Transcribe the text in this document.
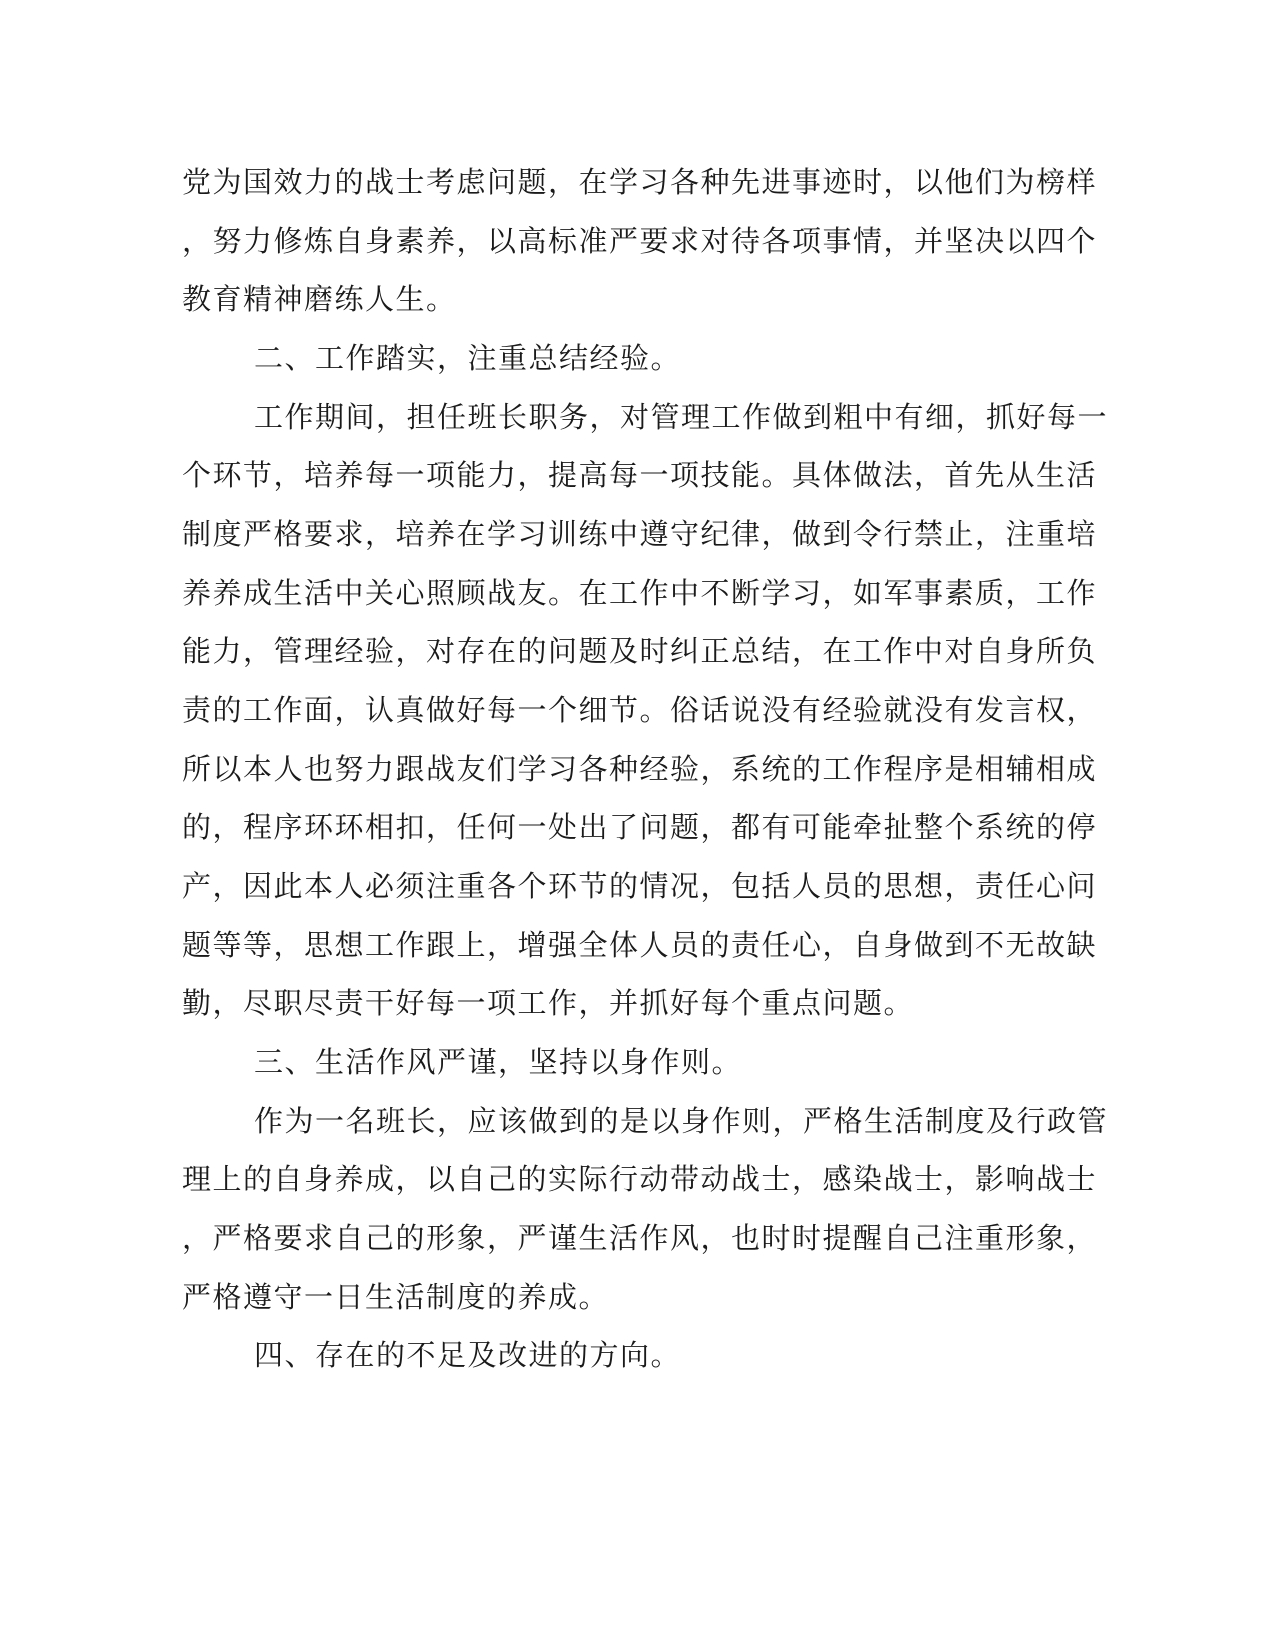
党为国效力的战士考虑问题，在学习各种先进事迹时，以他们为榜样

，努力修炼自身素养，以高标准严要求对待各项事情，并坚决以四个

教育精神磨练人生。

二、工作踏实，注重总结经验。

工作期间，担任班长职务，对管理工作做到粗中有细，抓好每一

个环节，培养每一项能力，提高每一项技能。具体做法，首先从生活

制度严格要求，培养在学习训练中遵守纪律，做到令行禁止，注重培

养养成生活中关心照顾战友。在工作中不断学习，如军事素质，工作

能力，管理经验，对存在的问题及时纠正总结，在工作中对自身所负

责的工作面，认真做好每一个细节。俗话说没有经验就没有发言权，

所以本人也努力跟战友们学习各种经验，系统的工作程序是相辅相成

的，程序环环相扣，任何一处出了问题，都有可能牵扯整个系统的停

产，因此本人必须注重各个环节的情况，包括人员的思想，责任心问

题等等，思想工作跟上，增强全体人员的责任心，自身做到不无故缺

勤，尽职尽责干好每一项工作，并抓好每个重点问题。

三、生活作风严谨，坚持以身作则。

作为一名班长，应该做到的是以身作则，严格生活制度及行政管

理上的自身养成，以自己的实际行动带动战士，感染战士，影响战士

，严格要求自己的形象，严谨生活作风，也时时提醒自己注重形象，

严格遵守一日生活制度的养成。

四、存在的不足及改进的方向。
